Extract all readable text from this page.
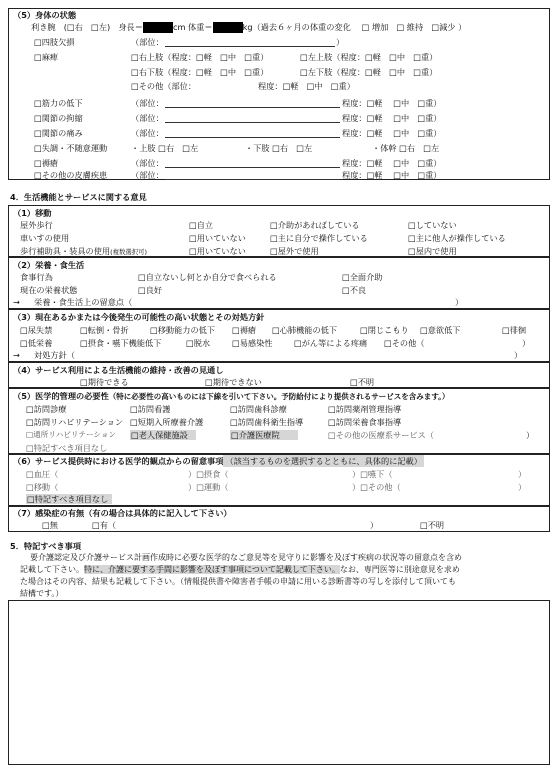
（5）身体の状態
利き腕　(□右　□左)　身長＝	cm 体重＝	kg（過去６ヶ月の体重の変化　 □ 増加　□ 維持　□減少 ）
□四肢欠損	（部位：	）
□麻痺	□右上肢（程度：□軽　□中　□重）	□左上肢（程度：□軽　□中　□重）
□右下肢（程度：□軽　□中　□重）	□左下肢（程度：□軽　□中　□重）
□その他（部位：	程度：□軽　□中　□重）
□筋力の低下	（部位：	程度：□軽　 □中　□重）
□関節の拘縮	（部位：	程度：□軽　 □中　□重）
□関節の痛み	（部位：	程度：□軽　 □中　□重）
□失調・不随意運動	・上肢 □右　□左	・下肢 □右　□左	・体幹 □右　□左
□褥瘡	（部位：	程度：□軽　 □中　□重）
□その他の皮膚疾患	（部位：	程度：□軽　 □中　□重）
4．生活機能とサービスに関する意見
（1）移動
屋外歩行	□自立	□介助があればしている	□していない
車いすの使用	□用いていない	□主に自分で操作している	□主に他人が操作している
歩行補助具・装具の使用(複数選択可)	□用いていない	□屋外で使用	□屋内で使用
（2）栄養・食生活
食事行為	□自立ないし何とか自分で食べられる	□全面介助
現在の栄養状態	□良好	□不良
→ 栄養・食生活上の留意点（	）
（3）現在あるかまたは今後発生の可能性の高い状態とその対処方針
□尿失禁	□転倒・骨折	□移動能力の低下 □褥瘡 □心肺機能の低下	□閉じこもり □意欲低下	□徘徊
□低栄養	□摂食・嚥下機能低下	□脱水	□易感染性	□がん等による疼痛 □その他（	）
→ 対処方針（	）
（4）サービス利用による生活機能の維持・改善の見通し
□期待できる	□期待できない	□不明
（5）医学的管理の必要性（特に必要性の高いものには下線を引いて下さい。予防給付により提供されるサービスを含みます。）
□訪問診療	□訪問看護	□訪問歯科診療	□訪問薬剤管理指導
□訪問リハビリテーション □短期入所療養介護	□訪問歯科衛生指導	□訪問栄養食事指導
□通所リハビリテーション □老人保健施設	□介護医療院	□その他の医療系サービス（	）
□特記すべき項目なし
（6）サービス提供時における医学的観点からの留意事項 （該当するものを選択するとともに、具体的に記載）
□血圧（	）□摂食（	）□嚥下（	）
□移動（	）□運動（	）□その他（	）
□特記すべき項目なし
（7）感染症の有無（有の場合は具体的に記入して下さい）
□無	□有（	）	□不明
5．特記すべき事項
要介護認定及び介護サービス計画作成時に必要な医学的なご意見等を見守りに影響を及ぼす疾病の状況等の留意点を含め
記載して下さい。特に、介護に要する手間に影響を及ぼす事項について記載して下さい。なお、専門医等に別途意見を求め
た場合はその内容、結果も記載して下さい。（情報提供書や障害者手帳の申請に用いる診断書等の写しを添付して頂いても
結構です。）
